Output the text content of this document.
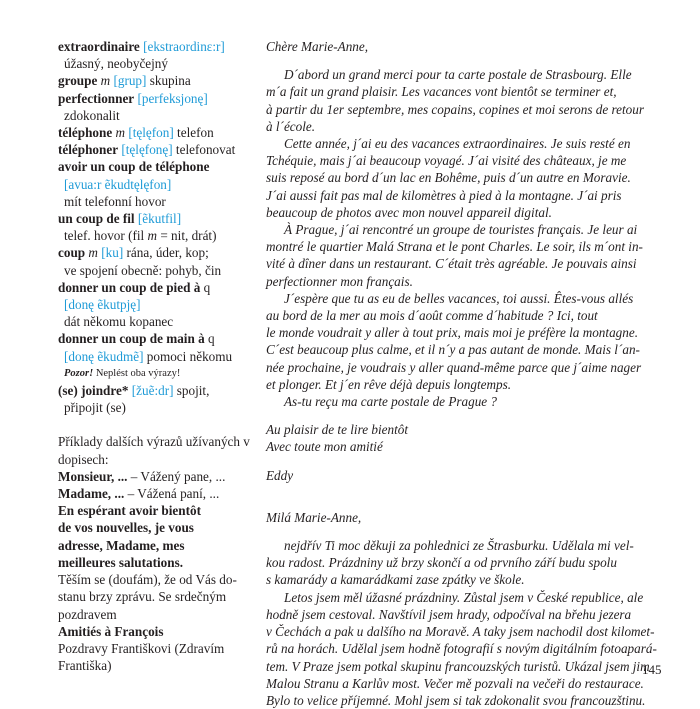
extraordinaire [ekstraordinɛ:r]
úžasný, neobyčejný
groupe m [grup] skupina
perfectionner [perfeksjonę]
zdokonalit
téléphone m [tęlęfon] telefon
téléphoner [tęlęfonę] telefonovat
avoir un coup de téléphone
[avua:r ẽkudtęlęfon]
mít telefonní hovor
un coup de fil [ẽkutfil]
telef. hovor (fil m = nit, drát)
coup m [ku] rána, úder, kop;
ve spojení obecně: pohyb, čin
donner un coup de pied à q
[donę ẽkutpję]
dát někomu kopanec
donner un coup de main à q
[donę ẽkudmẽ] pomoci někomu
Pozor! Neplést oba výrazy!
(se) joindre* [žuẽ:dr] spojit,
připojit (se)
Příklady dalších výrazů užívaných v dopisech:
Monsieur, ... – Vážený pane, ...
Madame, ... – Vážená paní, ...
En espérant avoir bientôt
de vos nouvelles, je vous
adresse, Madame, mes
meilleures salutations.
Těším se (doufám), že od Vás do-
stanu brzy zprávu. Se srdečným
pozdravem
Amitiés à François
Pozdravy Františkovi (Zdravím
Františka)

Chère Marie-Anne,

D´abord un grand merci pour ta carte postale de Strasbourg. Elle
m´a fait un grand plaisir. Les vacances vont bientôt se terminer et,
à partir du 1er septembre, mes copains, copines et moi serons de retour
à l´école.
Cette année, j´ai eu des vacances extraordinaires. Je suis resté en
Tchéquie, mais j´ai beaucoup voyagé. J´ai visité des châteaux, je me
suis reposé au bord d´un lac en Bohême, puis d´un autre en Moravie.
J´ai aussi fait pas mal de kilomètres à pied à la montagne. J´ai pris
beaucoup de photos avec mon nouvel appareil digital.
À Prague, j´ai rencontré un groupe de touristes français. Je leur ai
montré le quartier Malá Strana et le pont Charles. Le soir, ils m´ont in-
vité à dîner dans un restaurant. C´était très agréable. Je pouvais ainsi
perfectionner mon français.
J´espère que tu as eu de belles vacances, toi aussi. Êtes-vous allés
au bord de la mer au mois d´août comme d´habitude ? Ici, tout
le monde voudrait y aller à tout prix, mais moi je préfère la montagne.
C´est beaucoup plus calme, et il n´y a pas autant de monde. Mais l´an-
née prochaine, je voudrais y aller quand-même parce que j´aime nager
et plonger. Et j´en rêve déjà depuis longtemps.

As-tu reçu ma carte postale de Prague ?

Au plaisir de te lire bientôt

Avec toute mon amitié

Eddy

Milá Marie-Anne,

nejdřív Ti moc děkuji za pohlednici ze Štrasburku. Udělala mi vel-
kou radost. Prázdniny už brzy skončí a od prvního září budu spolu
s kamarády a kamarádkami zase zpátky ve škole.
Letos jsem měl úžasné prázdniny. Zůstal jsem v České republice, ale
hodně jsem cestoval. Navštívil jsem hrady, odpočíval na břehu jezera
v Čechách a pak u dalšího na Moravě. A taky jsem nachodil dost kilomet-
rů na horách. Udělal jsem hodně fotografií s novým digitálním fotoapará-
tem. V Praze jsem potkal skupinu francouzských turistů. Ukázal jsem jim
Malou Stranu a Karlův most. Večer mě pozvali na večeři do restaurace.
Bylo to velice příjemné. Mohl jsem si tak zdokonalit svou francouzštinu.
145
